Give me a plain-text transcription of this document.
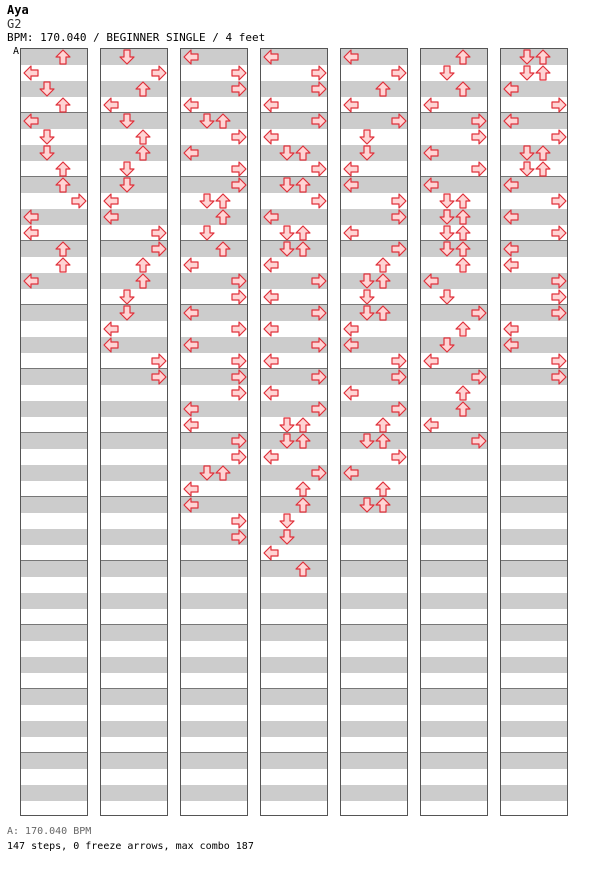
Aya
G2
BPM: 170.040 / BEGINNER SINGLE / 4 feet
A
A: 170.040 BPM
147 steps, 0 freeze arrows, max combo 187
